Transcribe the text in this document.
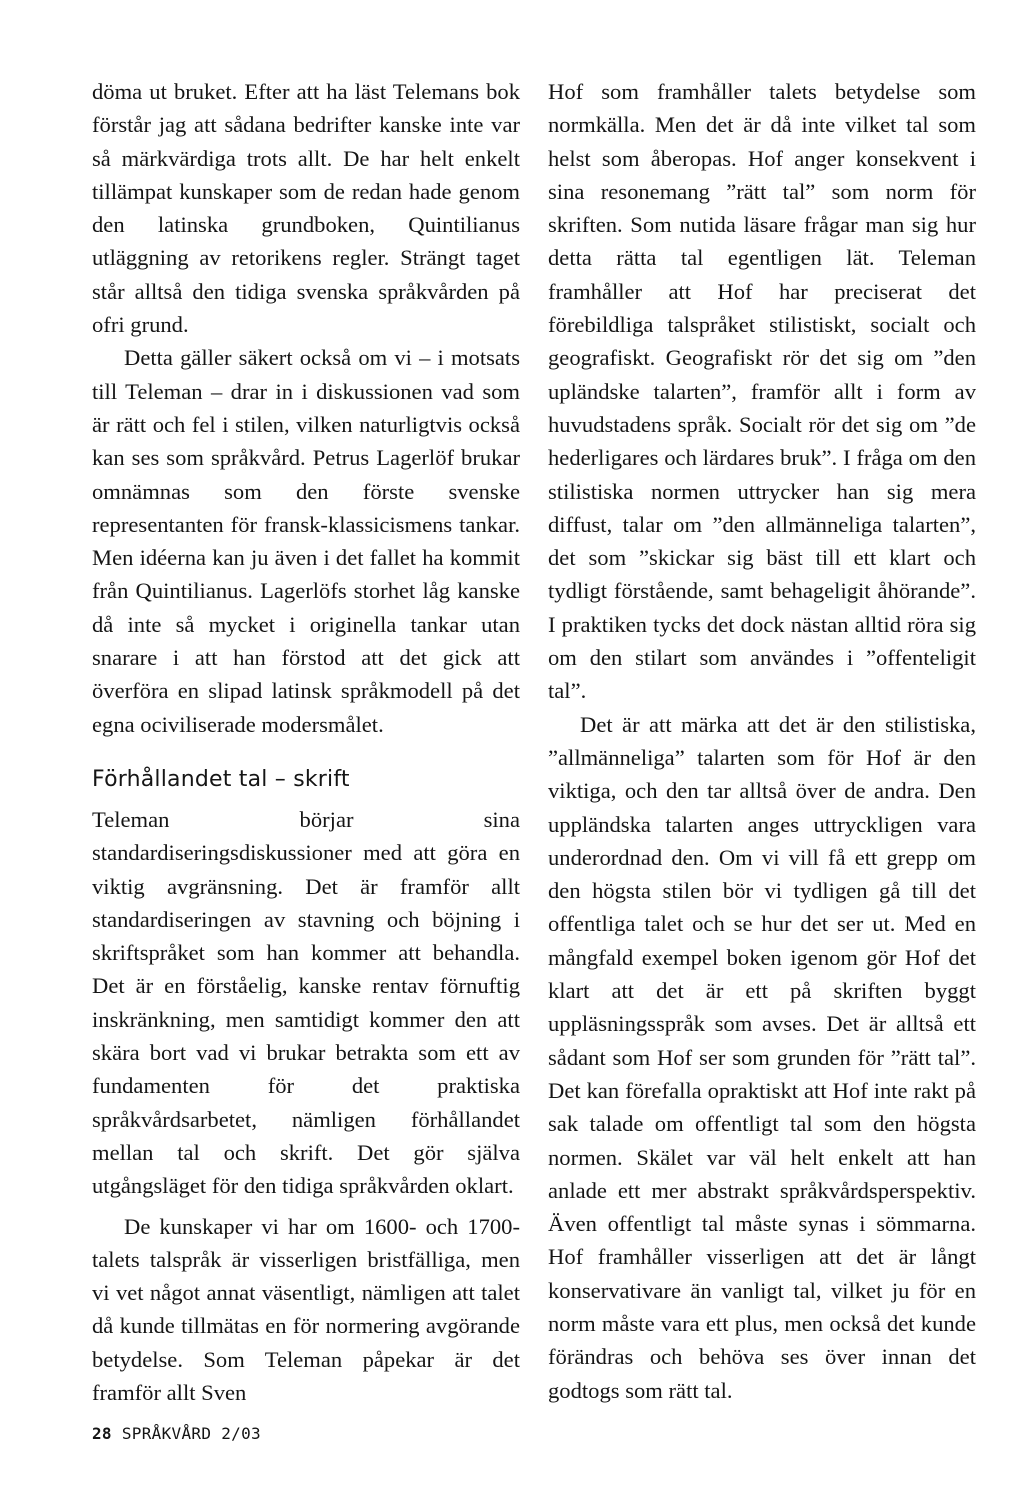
döma ut bruket. Efter att ha läst Telemans bok förstår jag att sådana bedrifter kanske inte var så märkvärdiga trots allt. De har helt enkelt tillämpat kunskaper som de redan hade genom den latinska grundboken, Quintilianus utläggning av retorikens regler. Strängt taget står alltså den tidiga svenska språkvården på ofri grund.

Detta gäller säkert också om vi – i motsats till Teleman – drar in i diskussionen vad som är rätt och fel i stilen, vilken naturligtvis också kan ses som språkvård. Petrus Lagerlöf brukar omnämnas som den förste svenske representanten för fransk-klassicismens tankar. Men idéerna kan ju även i det fallet ha kommit från Quintilianus. Lagerlöfs storhet låg kanske då inte så mycket i originella tankar utan snarare i att han förstod att det gick att överföra en slipad latinsk språkmodell på det egna ociviliserade modersmålet.

Förhållandet tal – skrift

Teleman börjar sina standardiseringsdiskussioner med att göra en viktig avgränsning. Det är framför allt standardiseringen av stavning och böjning i skriftspråket som han kommer att behandla. Det är en förståelig, kanske rentav förnuftig inskränkning, men samtidigt kommer den att skära bort vad vi brukar betrakta som ett av fundamenten för det praktiska språkvårdsarbetet, nämligen förhållandet mellan tal och skrift. Det gör själva utgångsläget för den tidiga språkvården oklart.

De kunskaper vi har om 1600- och 1700-talets talspråk är visserligen bristfälliga, men vi vet något annat väsentligt, nämligen att talet då kunde tillmätas en för normering avgörande betydelse. Som Teleman påpekar är det framför allt Sven

Hof som framhåller talets betydelse som normkälla. Men det är då inte vilket tal som helst som åberopas. Hof anger konsekvent i sina resonemang ”rätt tal” som norm för skriften. Som nutida läsare frågar man sig hur detta rätta tal egentligen lät. Teleman framhåller att Hof har preciserat det förebildliga talspråket stilistiskt, socialt och geografiskt. Geografiskt rör det sig om ”den upländske talarten”, framför allt i form av huvudstadens språk. Socialt rör det sig om ”de hederligares och lärdares bruk”. I fråga om den stilistiska normen uttrycker han sig mera diffust, talar om ”den allmänneliga talarten”, det som ”skickar sig bäst till ett klart och tydligt förstående, samt behageligit åhörande”. I praktiken tycks det dock nästan alltid röra sig om den stilart som användes i ”offenteligit tal”.

Det är att märka att det är den stilistiska, ”allmänneliga” talarten som för Hof är den viktiga, och den tar alltså över de andra. Den uppländska talarten anges uttryckligen vara underordnad den. Om vi vill få ett grepp om den högsta stilen bör vi tydligen gå till det offentliga talet och se hur det ser ut. Med en mångfald exempel boken igenom gör Hof det klart att det är ett på skriften byggt uppläsningsspråk som avses. Det är alltså ett sådant som Hof ser som grunden för ”rätt tal”. Det kan förefalla opraktiskt att Hof inte rakt på sak talade om offentligt tal som den högsta normen. Skälet var väl helt enkelt att han anlade ett mer abstrakt språkvårdsperspektiv. Även offentligt tal måste synas i sömmarna. Hof framhåller visserligen att det är långt konservativare än vanligt tal, vilket ju för en norm måste vara ett plus, men också det kunde förändras och behöva ses över innan det godtogs som rätt tal.

28 SPRÅKVÅRD 2/03
